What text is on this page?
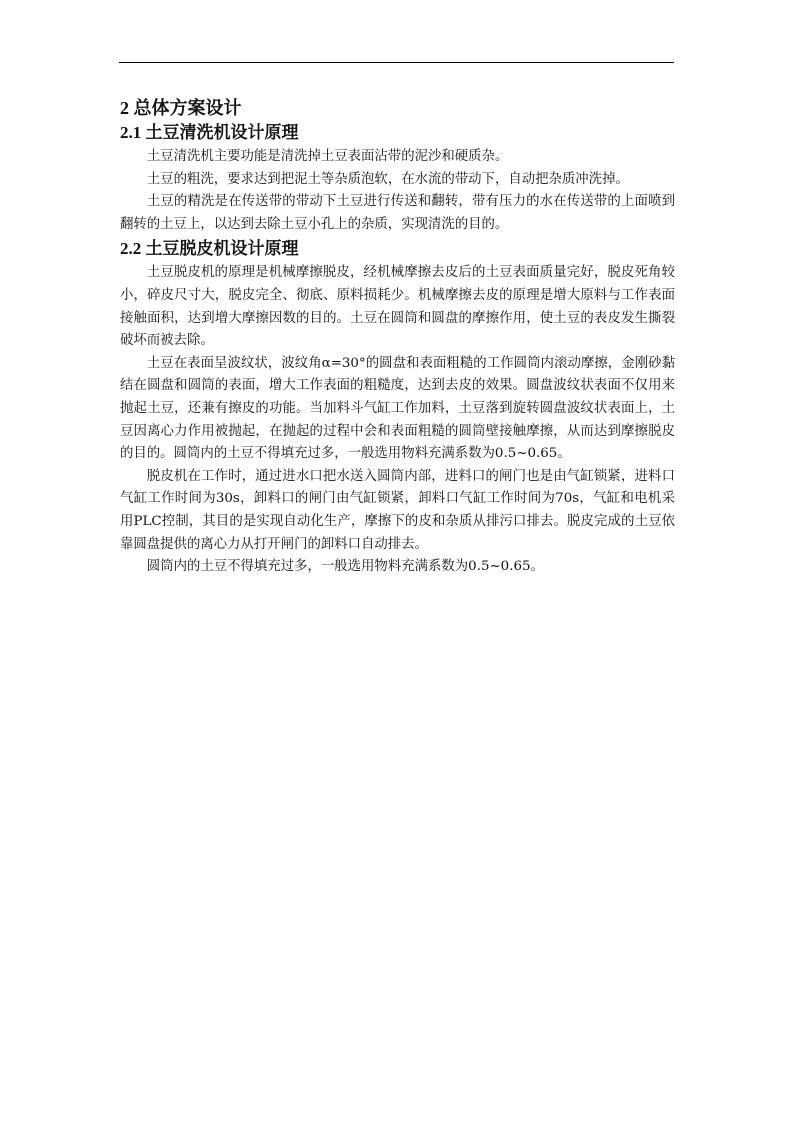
2 总体方案设计
2.1 土豆清洗机设计原理

土豆清洗机主要功能是清洗掉土豆表面沾带的泥沙和硬质杂。

土豆的粗洗，要求达到把泥土等杂质泡软，在水流的带动下，自动把杂质冲洗掉。

土豆的精洗是在传送带的带动下土豆进行传送和翻转，带有压力的水在传送带的上面喷到翻转的土豆上，以达到去除土豆小孔上的杂质，实现清洗的目的。

2.2 土豆脱皮机设计原理

土豆脱皮机的原理是机械摩擦脱皮，经机械摩擦去皮后的土豆表面质量完好，脱皮死角较小，碎皮尺寸大，脱皮完全、彻底、原料损耗少。机械摩擦去皮的原理是增大原料与工作表面接触面积，达到增大摩擦因数的目的。土豆在圆筒和圆盘的摩擦作用，使土豆的表皮发生撕裂破坏而被去除。

土豆在表面呈波纹状，波纹角α=30°的圆盘和表面粗糙的工作圆筒内滚动摩擦，金刚砂黏结在圆盘和圆筒的表面，增大工作表面的粗糙度，达到去皮的效果。圆盘波纹状表面不仅用来抛起土豆，还兼有擦皮的功能。当加料斗气缸工作加料，土豆落到旋转圆盘波纹状表面上，土豆因离心力作用被抛起，在抛起的过程中会和表面粗糙的圆筒壁接触摩擦，从而达到摩擦脱皮的目的。圆筒内的土豆不得填充过多，一般选用物料充满系数为0.5~0.65。

脱皮机在工作时，通过进水口把水送入圆筒内部，进料口的闸门也是由气缸锁紧，进料口气缸工作时间为30s，卸料口的闸门由气缸锁紧，卸料口气缸工作时间为70s，气缸和电机采用PLC控制，其目的是实现自动化生产，摩擦下的皮和杂质从排污口排去。脱皮完成的土豆依靠圆盘提供的离心力从打开闸门的卸料口自动排去。

圆筒内的土豆不得填充过多，一般选用物料充满系数为0.5~0.65。
